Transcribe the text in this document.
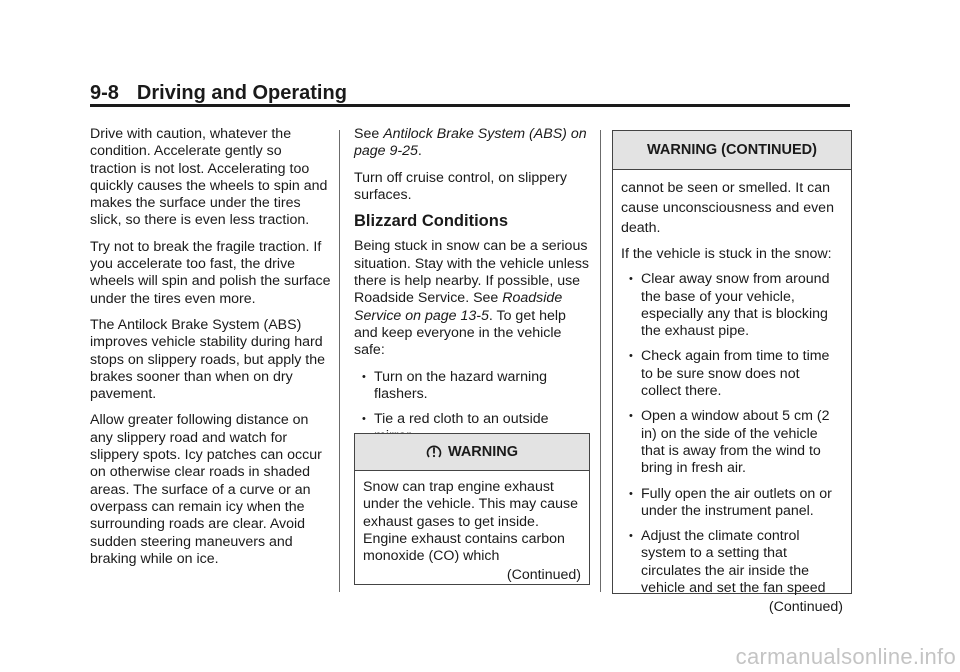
9-8 Driving and Operating

Drive with caution, whatever the condition. Accelerate gently so traction is not lost. Accelerating too quickly causes the wheels to spin and makes the surface under the tires slick, so there is even less traction.

Try not to break the fragile traction. If you accelerate too fast, the drive wheels will spin and polish the surface under the tires even more.

The Antilock Brake System (ABS) improves vehicle stability during hard stops on slippery roads, but apply the brakes sooner than when on dry pavement.

Allow greater following distance on any slippery road and watch for slippery spots. Icy patches can occur on otherwise clear roads in shaded areas. The surface of a curve or an overpass can remain icy when the surrounding roads are clear. Avoid sudden steering maneuvers and braking while on ice.

See Antilock Brake System (ABS) on page 9-25.

Turn off cruise control, on slippery surfaces.

Blizzard Conditions

Being stuck in snow can be a serious situation. Stay with the vehicle unless there is help nearby. If possible, use Roadside Service. See Roadside Service on page 13-5. To get help and keep everyone in the vehicle safe:

• Turn on the hazard warning flashers.
• Tie a red cloth to an outside
WARNING

Snow can trap engine exhaust under the vehicle. This may cause exhaust gases to get inside. Engine exhaust contains carbon monoxide (CO) which

(Continued)
WARNING (CONTINUED)

cannot be seen or smelled. It can cause unconsciousness and even death.

If the vehicle is stuck in the snow:

• Clear away snow from around the base of your vehicle, especially any that is blocking the exhaust pipe.
• Check again from time to time to be sure snow does not collect there.
• Open a window about 5 cm (2 in) on the side of the vehicle that is away from the wind to bring in fresh air.
• Fully open the air outlets on or under the instrument panel.
• Adjust the climate control system to a setting that circulates the air inside the vehicle and set the fan speed
(Continued)
carmanualsonline.info
